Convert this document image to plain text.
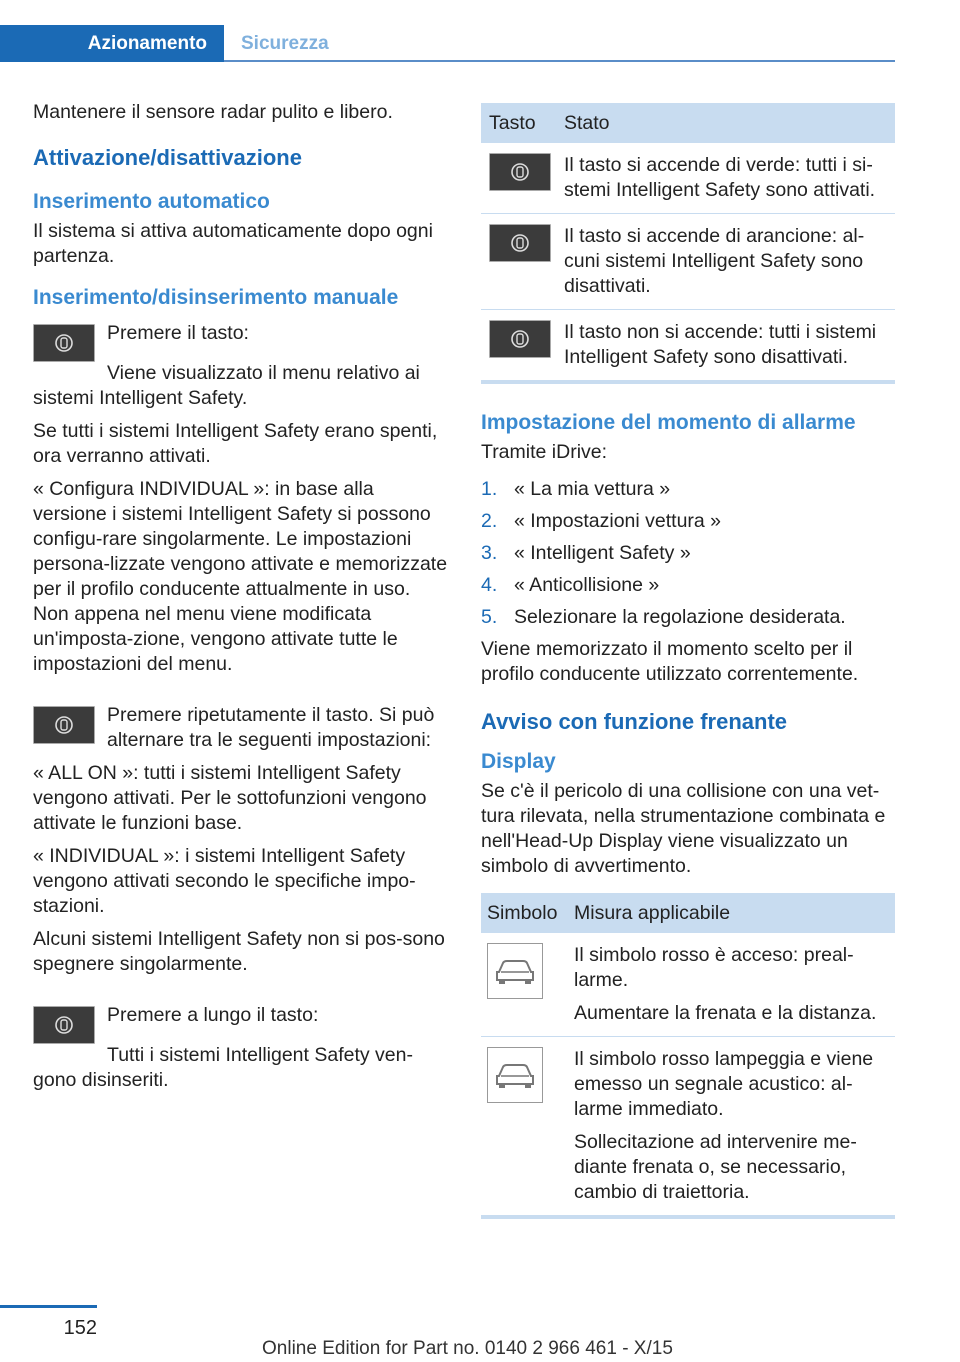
Azionamento	Sicurezza

Mantenere il sensore radar pulito e libero.

Attivazione/disattivazione
Inserimento automatico

Il sistema si attiva automaticamente dopo ogni partenza.

Inserimento/disinserimento manuale

Premere il tasto:

Viene visualizzato il menu relativo ai sistemi Intelligent Safety.

Se tutti i sistemi Intelligent Safety erano spenti, ora verranno attivati.

« Configura INDIVIDUAL »: in base alla versione i sistemi Intelligent Safety si possono configu-rare singolarmente. Le impostazioni persona-lizzate vengono attivate e memorizzate per il profilo conducente attualmente in uso. Non appena nel menu viene modificata un'imposta-zione, vengono attivate tutte le impostazioni del menu.

Premere ripetutamente il tasto. Si può alternare tra le seguenti impostazioni:

« ALL ON »: tutti i sistemi Intelligent Safety vengono attivati. Per le sottofunzioni vengono attivate le funzioni base.

« INDIVIDUAL »: i sistemi Intelligent Safety vengono attivati secondo le specifiche impo-stazioni.

Alcuni sistemi Intelligent Safety non si pos-sono spegnere singolarmente.

Premere a lungo il tasto:

Tutti i sistemi Intelligent Safety ven-gono disinseriti.

Tasto	Stato
Il tasto si accende di verde: tutti i si-stemi Intelligent Safety sono attivati.
Il tasto si accende di arancione: al-cuni sistemi Intelligent Safety sono disattivati.
Il tasto non si accende: tutti i sistemi Intelligent Safety sono disattivati.
Impostazione del momento di allarme

Tramite iDrive:

1. « La mia vettura »
2. « Impostazioni vettura »
3. « Intelligent Safety »
4. « Anticollisione »
5. Selezionare la regolazione desiderata.

Viene memorizzato il momento scelto per il profilo conducente utilizzato correntemente.

Avviso con funzione frenante
Display

Se c'è il pericolo di una collisione con una vet-tura rilevata, nella strumentazione combinata e nell'Head-Up Display viene visualizzato un simbolo di avvertimento.

Simbolo Misura applicabile

Il simbolo rosso è acceso: preal-larme.

Aumentare la frenata e la distanza.

Il simbolo rosso lampeggia e viene emesso un segnale acustico: al-larme immediato.

Sollecitazione ad intervenire me-diante frenata o, se necessario, cambio di traiettoria.

152
Online Edition for Part no. 0140 2 966 461 - X/15
